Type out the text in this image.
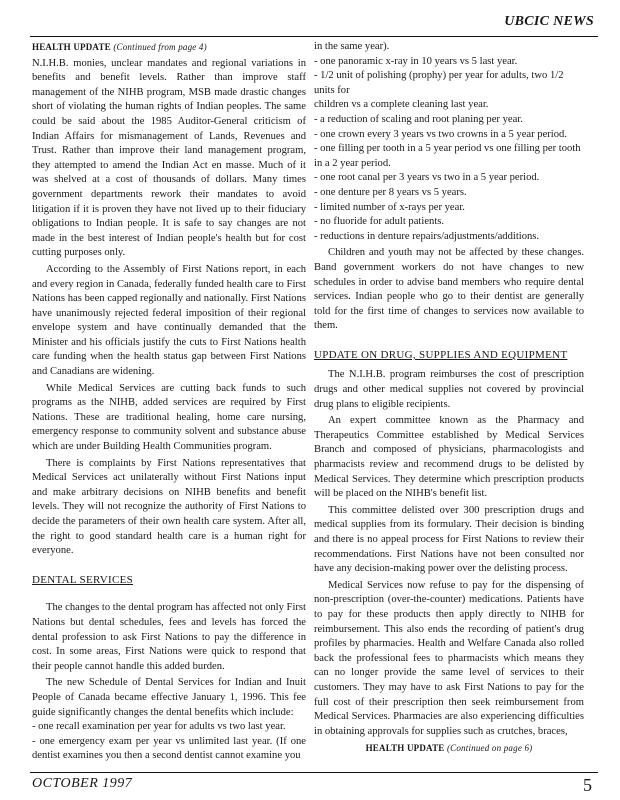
UBCIC NEWS

HEALTH UPDATE (Continued from page 4)

N.I.H.B. monies, unclear mandates and regional variations in benefits and benefit levels. Rather than improve staff management of the NIHB program, MSB made drastic changes short of violating the human rights of Indian peoples. The same could be said about the 1985 Auditor-General criticism of Indian Affairs for mismanagement of Lands, Revenues and Trust. Rather than improve their land management program, they attempted to amend the Indian Act en masse. Much of it was shelved at a cost of thousands of dollars. Many times government departments rework their mandates to avoid litigation if it is proven they have not lived up to their fiduciary obligations to Indian people. It is safe to say changes are not made in the best interest of Indian people's health but for cost cutting purposes only.

According to the Assembly of First Nations report, in each and every region in Canada, federally funded health care to First Nations has been capped regionally and nationally. First Nations have unanimously rejected federal imposition of their regional envelope system and have continually demanded that the Minister and his officials justify the cuts to First Nations health care funding when the health status gap between First Nations and Canadians are widening.

While Medical Services are cutting back funds to such programs as the NIHB, added services are required by First Nations. These are traditional healing, home care nursing, emergency response to community solvent and substance abuse which are under Building Health Communities program.

There is complaints by First Nations representatives that Medical Services act unilaterally without First Nations input and make arbitrary decisions on NIHB benefits and benefit levels. They will not recognize the authority of First Nations to decide the parameters of their own health care system. After all, the right to good standard health care is a human right for everyone.

DENTAL SERVICES

The changes to the dental program has affected not only First Nations but dental schedules, fees and levels has forced the dental profession to ask First Nations to pay the difference in cost. In some areas, First Nations were quick to respond that their people cannot handle this added burden.

The new Schedule of Dental Services for Indian and Inuit People of Canada became effective January 1, 1996. This fee guide significantly changes the dental benefits which include:

- one recall examination per year for adults vs two last year.

- one emergency exam per year vs unlimited last year. (If one dentist examines you then a second dentist cannot examine you

in the same year).

- one panoramic x-ray in 10 years vs 5 last year.

- 1/2 unit of polishing (prophy) per year for adults, two 1/2 units for

children vs a complete cleaning last year.

- a reduction of scaling and root planing per year.

- one crown every 3 years vs two crowns in a 5 year period.

- one filling per tooth in a 5 year period vs one filling per tooth in a 2 year period.

- one root canal per 3 years vs two in a 5 year period.

- one denture per 8 years vs 5 years.

- limited number of x-rays per year.

- no fluoride for adult patients.

- reductions in denture repairs/adjustments/additions.

Children and youth may not be affected by these changes. Band government workers do not have changes to new schedules in order to advise band members who require dental services. Indian people who go to their dentist are generally told for the first time of changes to services now available to them.

UPDATE ON DRUG, SUPPLIES AND EQUIPMENT

The N.I.H.B. program reimburses the cost of prescription drugs and other medical supplies not covered by provincial drug plans to eligible recipients.

An expert committee known as the Pharmacy and Therapeutics Committee established by Medical Services Branch and composed of physicians, pharmacologists and pharmacists review and recommend drugs to be delisted by Medical Services. They determine which prescription products will be placed on the NIHB's benefit list.

This committee delisted over 300 prescription drugs and medical supplies from its formulary. Their decision is binding and there is no appeal process for First Nations to review their recommendations. First Nations have not been consulted nor have any decision-making power over the delisting process.

Medical Services now refuse to pay for the dispensing of non-prescription (over-the-counter) medications. Patients have to pay for these products then apply directly to NIHB for reimbursement. This also ends the recording of patient's drug profiles by pharmacies. Health and Welfare Canada also rolled back the professional fees to pharmacists which means they can no longer provide the same level of services to their customers. They may have to ask First Nations to pay for the full cost of their prescription then seek reimbursement from Medical Services. Pharmacies are also experiencing difficulties in obtaining approvals for supplies such as crutches, braces,

HEALTH UPDATE (Continued on page 6)

OCTOBER 1997	5
